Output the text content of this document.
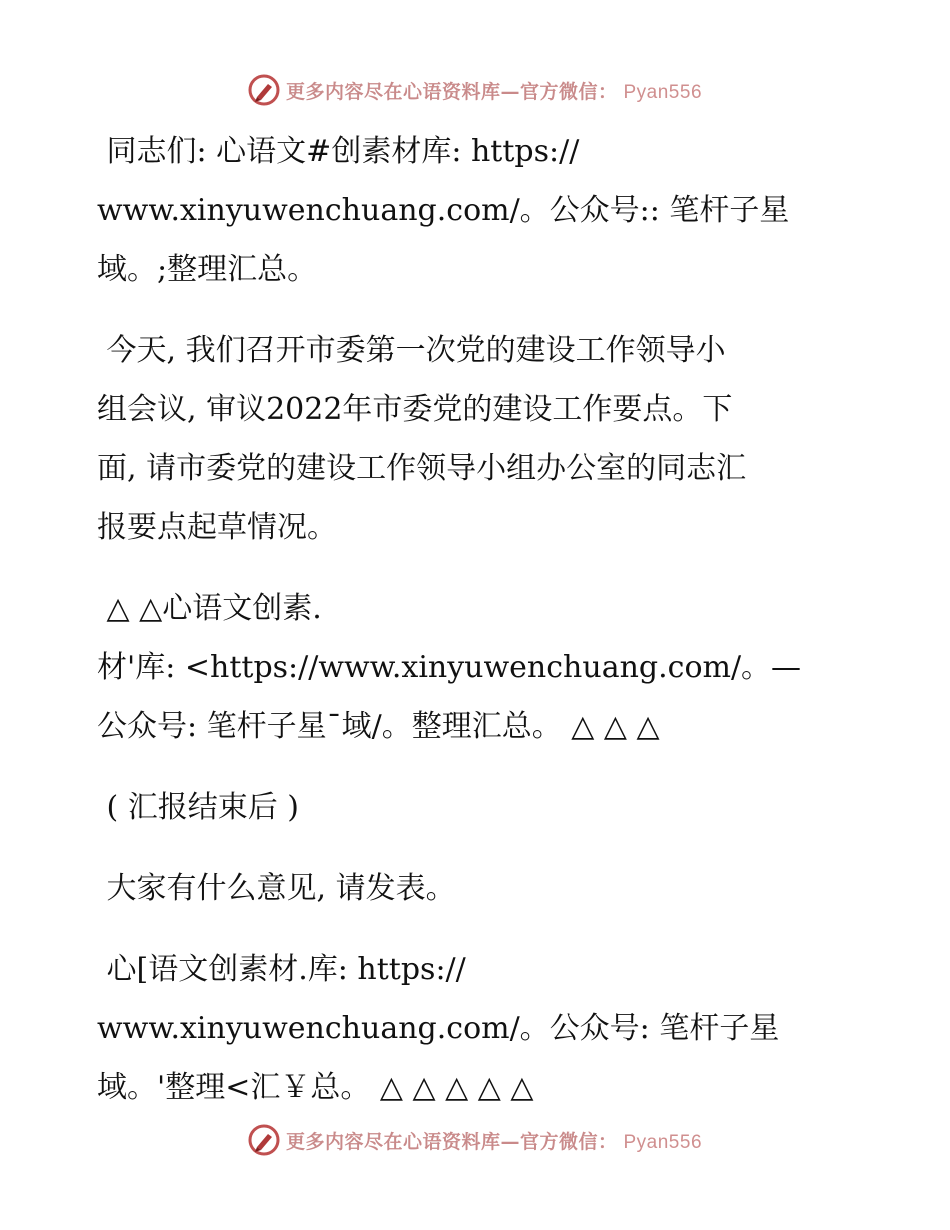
更多内容尽在心语资料库—官方微信： Pyan556

同志们: 心语文#创素材库: https://
www.xinyuwenchuang.com/。公众号:: 笔杆子星
域。;整理汇总。

今天, 我们召开市委第一次党的建设工作领导小
组会议, 审议2022年市委党的建设工作要点。下
面, 请市委党的建设工作领导小组办公室的同志汇
报要点起草情况。

△ △心语文创素.
材'库: <https://www.xinyuwenchuang.com/。—
公众号: 笔杆子星¯域/。整理汇总。 △ △ △

( 汇报结束后 )

大家有什么意见, 请发表。

心[语文创素材.库: https://
www.xinyuwenchuang.com/。公众号: 笔杆子星
域。'整理<汇￥总。 △ △ △ △ △

更多内容尽在心语资料库—官方微信： Pyan556
